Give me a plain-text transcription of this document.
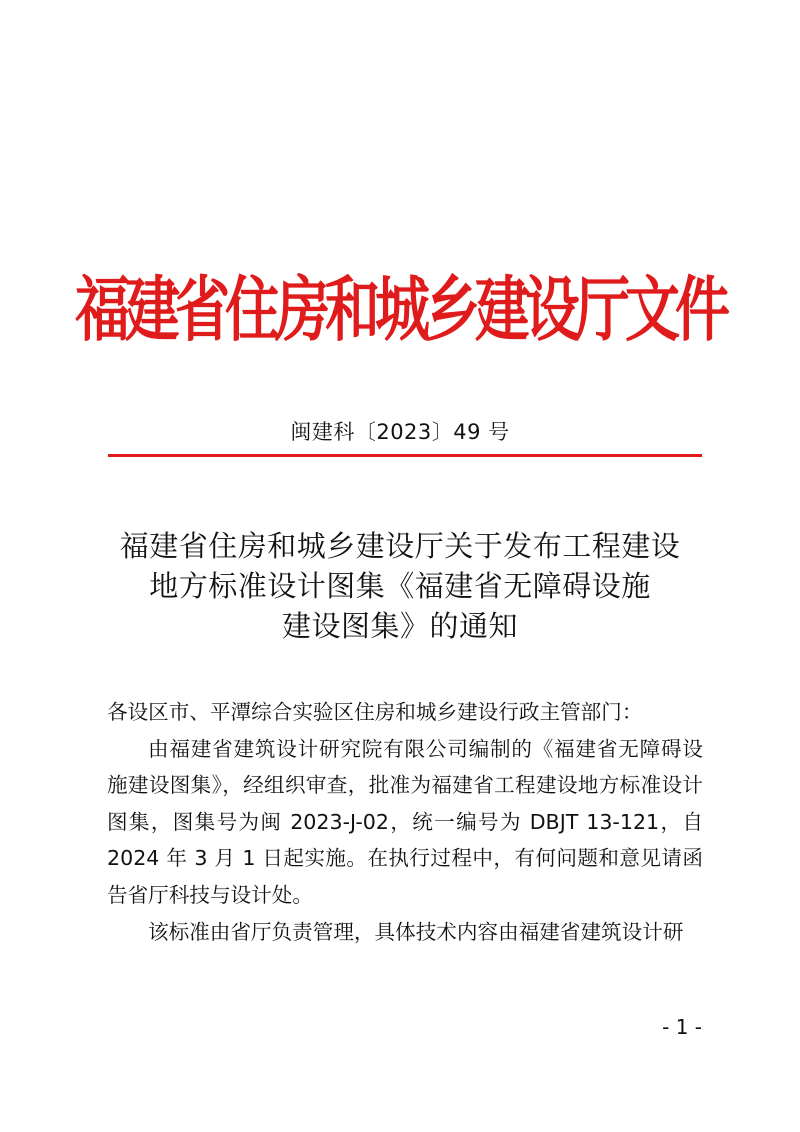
福建省住房和城乡建设厅文件
闽建科〔2023〕49 号
福建省住房和城乡建设厅关于发布工程建设
地方标准设计图集《福建省无障碍设施
建设图集》的通知

各设区市、平潭综合实验区住房和城乡建设行政主管部门：

由福建省建筑设计研究院有限公司编制的《福建省无障碍设施建设图集》，经组织审查，批准为福建省工程建设地方标准设计图集，图集号为闽 2023-J-02，统一编号为 DBJT 13-121，自 2024 年 3 月 1 日起实施。在执行过程中，有何问题和意见请函告省厅科技与设计处。

该标准由省厅负责管理，具体技术内容由福建省建筑设计研

- 1 -
